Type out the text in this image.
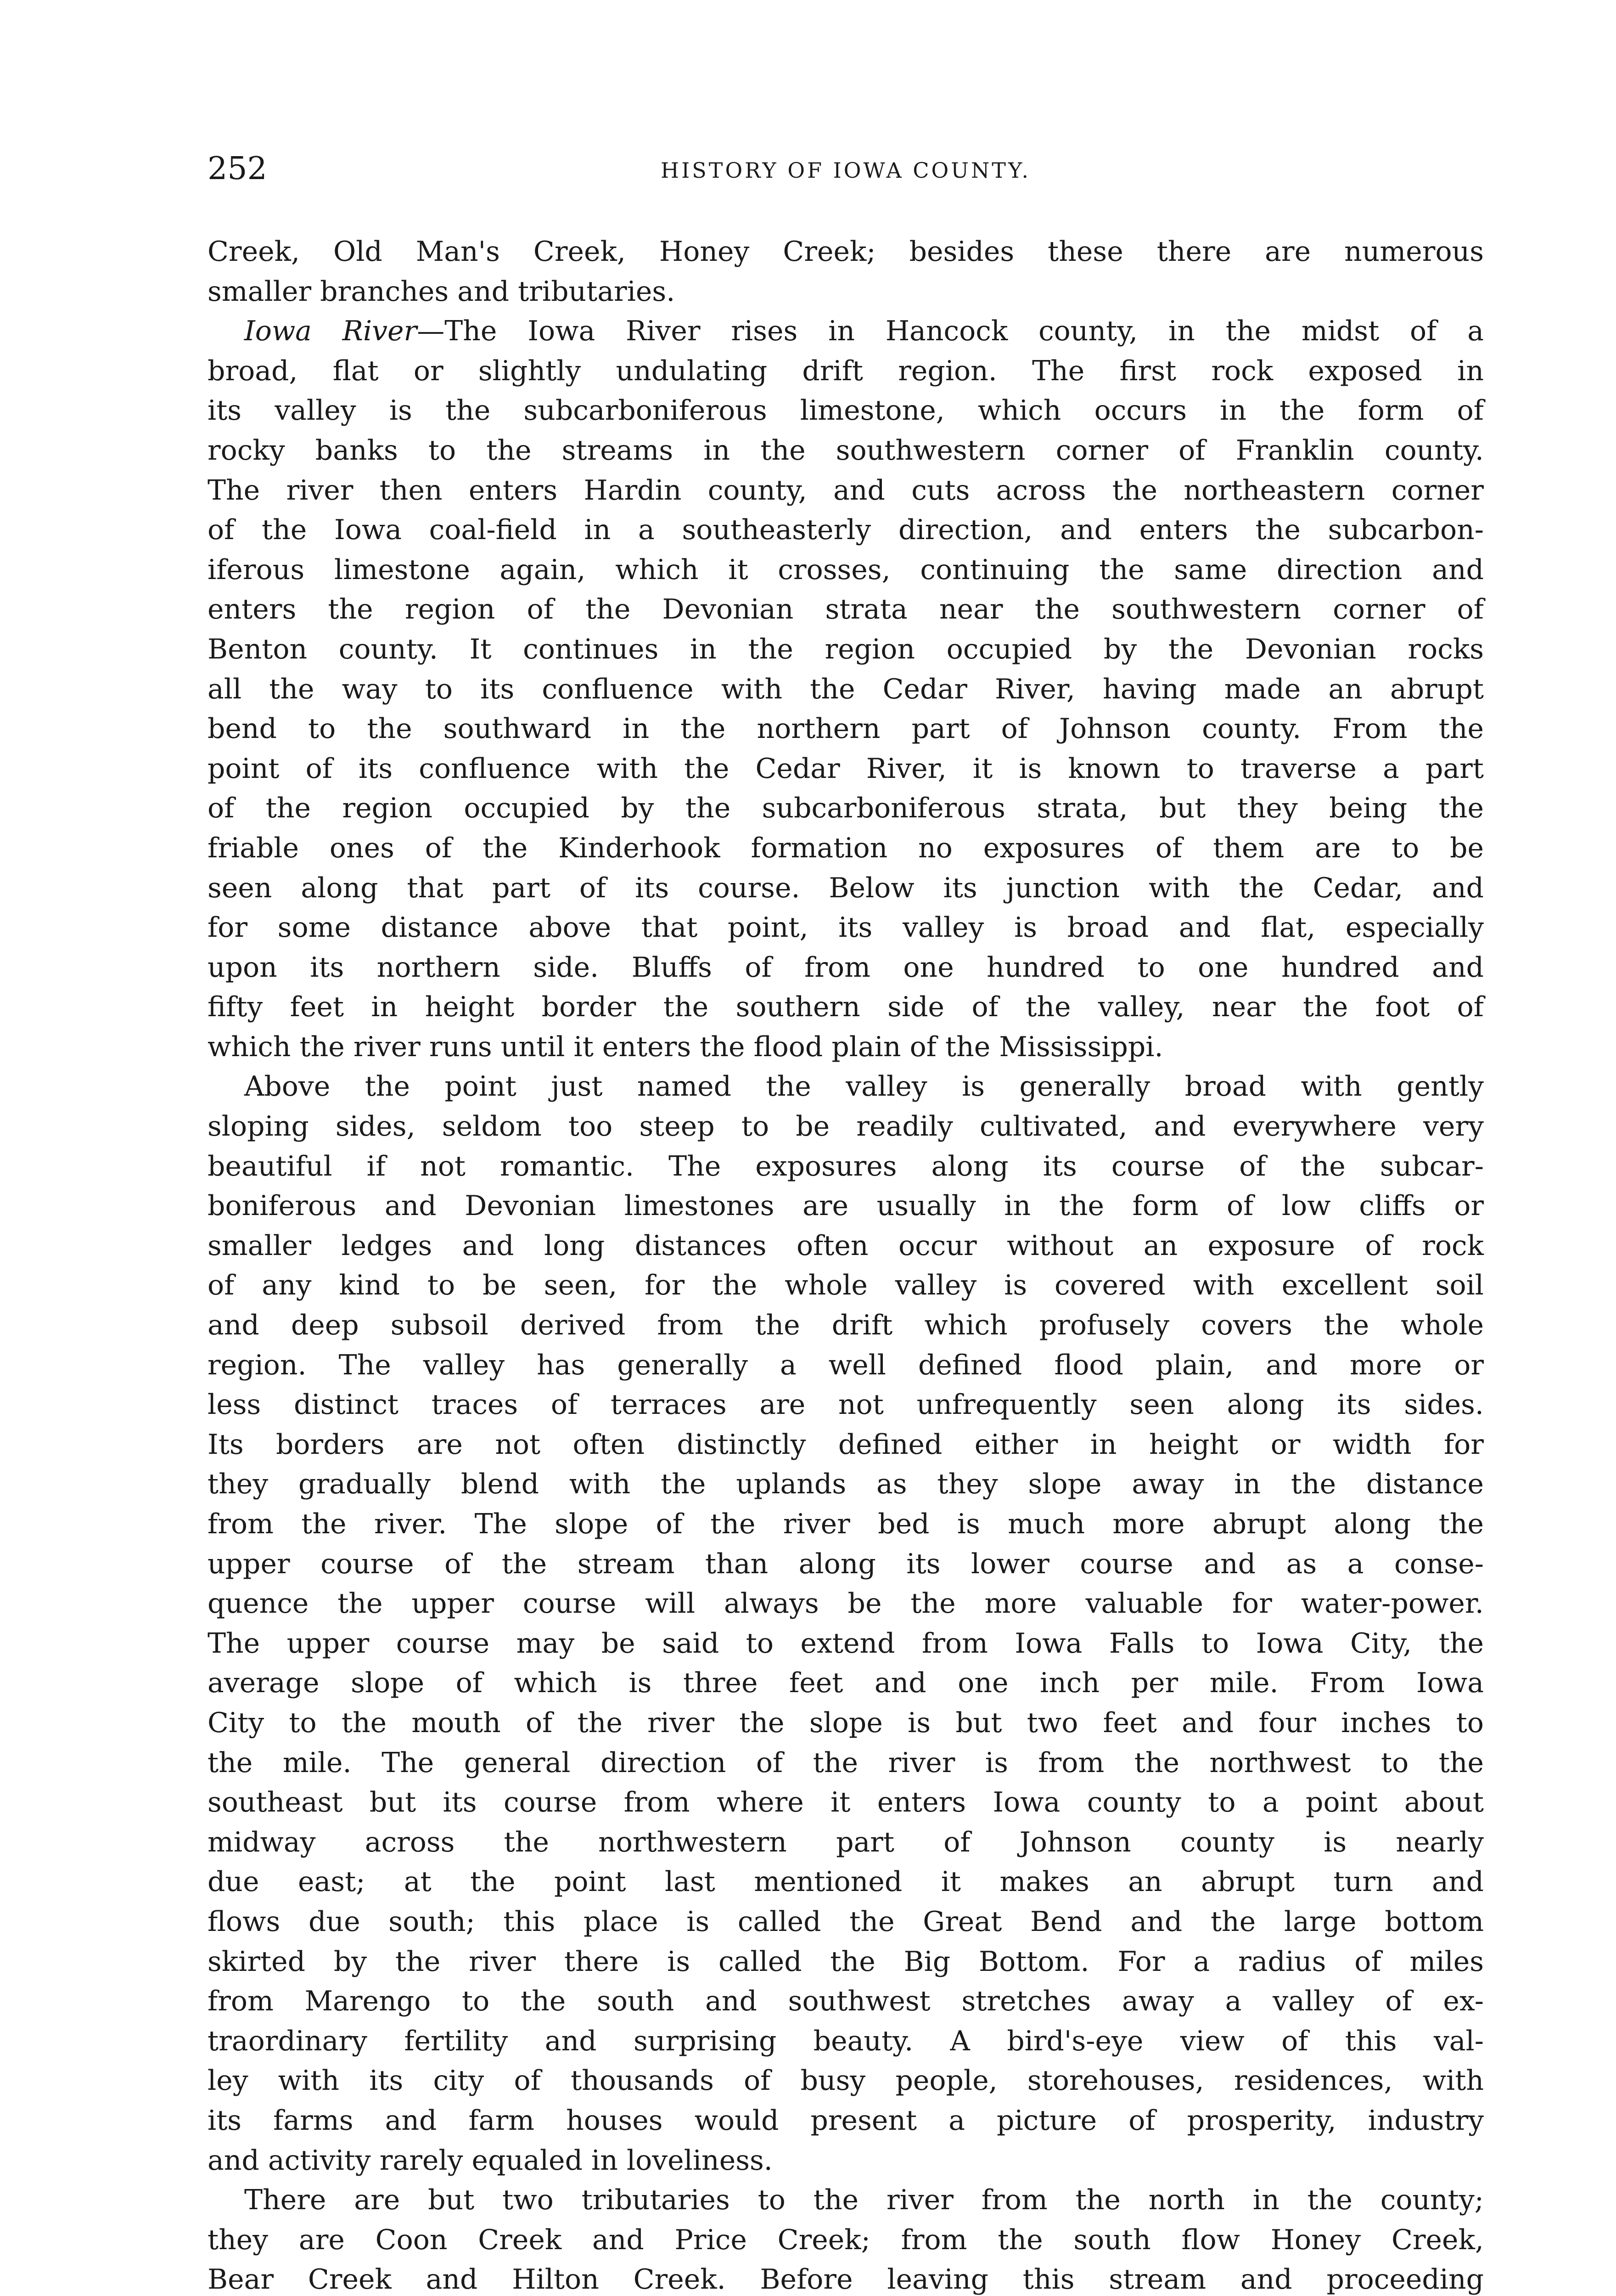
252	HISTORY OF IOWA COUNTY.

Creek, Old Man's Creek, Honey Creek; besides these there are numerous
smaller branches and tributaries.

Iowa River—The Iowa River rises in Hancock county, in the midst of a
broad, flat or slightly undulating drift region. The first rock exposed in
its valley is the subcarboniferous limestone, which occurs in the form of
rocky banks to the streams in the southwestern corner of Franklin county.
The river then enters Hardin county, and cuts across the northeastern corner
of the Iowa coal-field in a southeasterly direction, and enters the subcarbon-
iferous limestone again, which it crosses, continuing the same direction and
enters the region of the Devonian strata near the southwestern corner of
Benton county. It continues in the region occupied by the Devonian rocks
all the way to its confluence with the Cedar River, having made an abrupt
bend to the southward in the northern part of Johnson county. From the
point of its confluence with the Cedar River, it is known to traverse a part
of the region occupied by the subcarboniferous strata, but they being the
friable ones of the Kinderhook formation no exposures of them are to be
seen along that part of its course. Below its junction with the Cedar, and
for some distance above that point, its valley is broad and flat, especially
upon its northern side. Bluffs of from one hundred to one hundred and
fifty feet in height border the southern side of the valley, near the foot of
which the river runs until it enters the flood plain of the Mississippi.

Above the point just named the valley is generally broad with gently
sloping sides, seldom too steep to be readily cultivated, and everywhere very
beautiful if not romantic. The exposures along its course of the subcar-
boniferous and Devonian limestones are usually in the form of low cliffs or
smaller ledges and long distances often occur without an exposure of rock
of any kind to be seen, for the whole valley is covered with excellent soil
and deep subsoil derived from the drift which profusely covers the whole
region. The valley has generally a well defined flood plain, and more or
less distinct traces of terraces are not unfrequently seen along its sides.
Its borders are not often distinctly defined either in height or width for
they gradually blend with the uplands as they slope away in the distance
from the river. The slope of the river bed is much more abrupt along the
upper course of the stream than along its lower course and as a conse-
quence the upper course will always be the more valuable for water-power.
The upper course may be said to extend from Iowa Falls to Iowa City, the
average slope of which is three feet and one inch per mile. From Iowa
City to the mouth of the river the slope is but two feet and four inches to
the mile. The general direction of the river is from the northwest to the
southeast but its course from where it enters Iowa county to a point about
midway across the northwestern part of Johnson county is nearly
due east; at the point last mentioned it makes an abrupt turn and
flows due south; this place is called the Great Bend and the large bottom
skirted by the river there is called the Big Bottom. For a radius of miles
from Marengo to the south and southwest stretches away a valley of ex-
traordinary fertility and surprising beauty. A bird's-eye view of this val-
ley with its city of thousands of busy people, storehouses, residences, with
its farms and farm houses would present a picture of prosperity, industry
and activity rarely equaled in loveliness.

There are but two tributaries to the river from the north in the county;
they are Coon Creek and Price Creek; from the south flow Honey Creek,
Bear Creek and Hilton Creek. Before leaving this stream and proceeding
